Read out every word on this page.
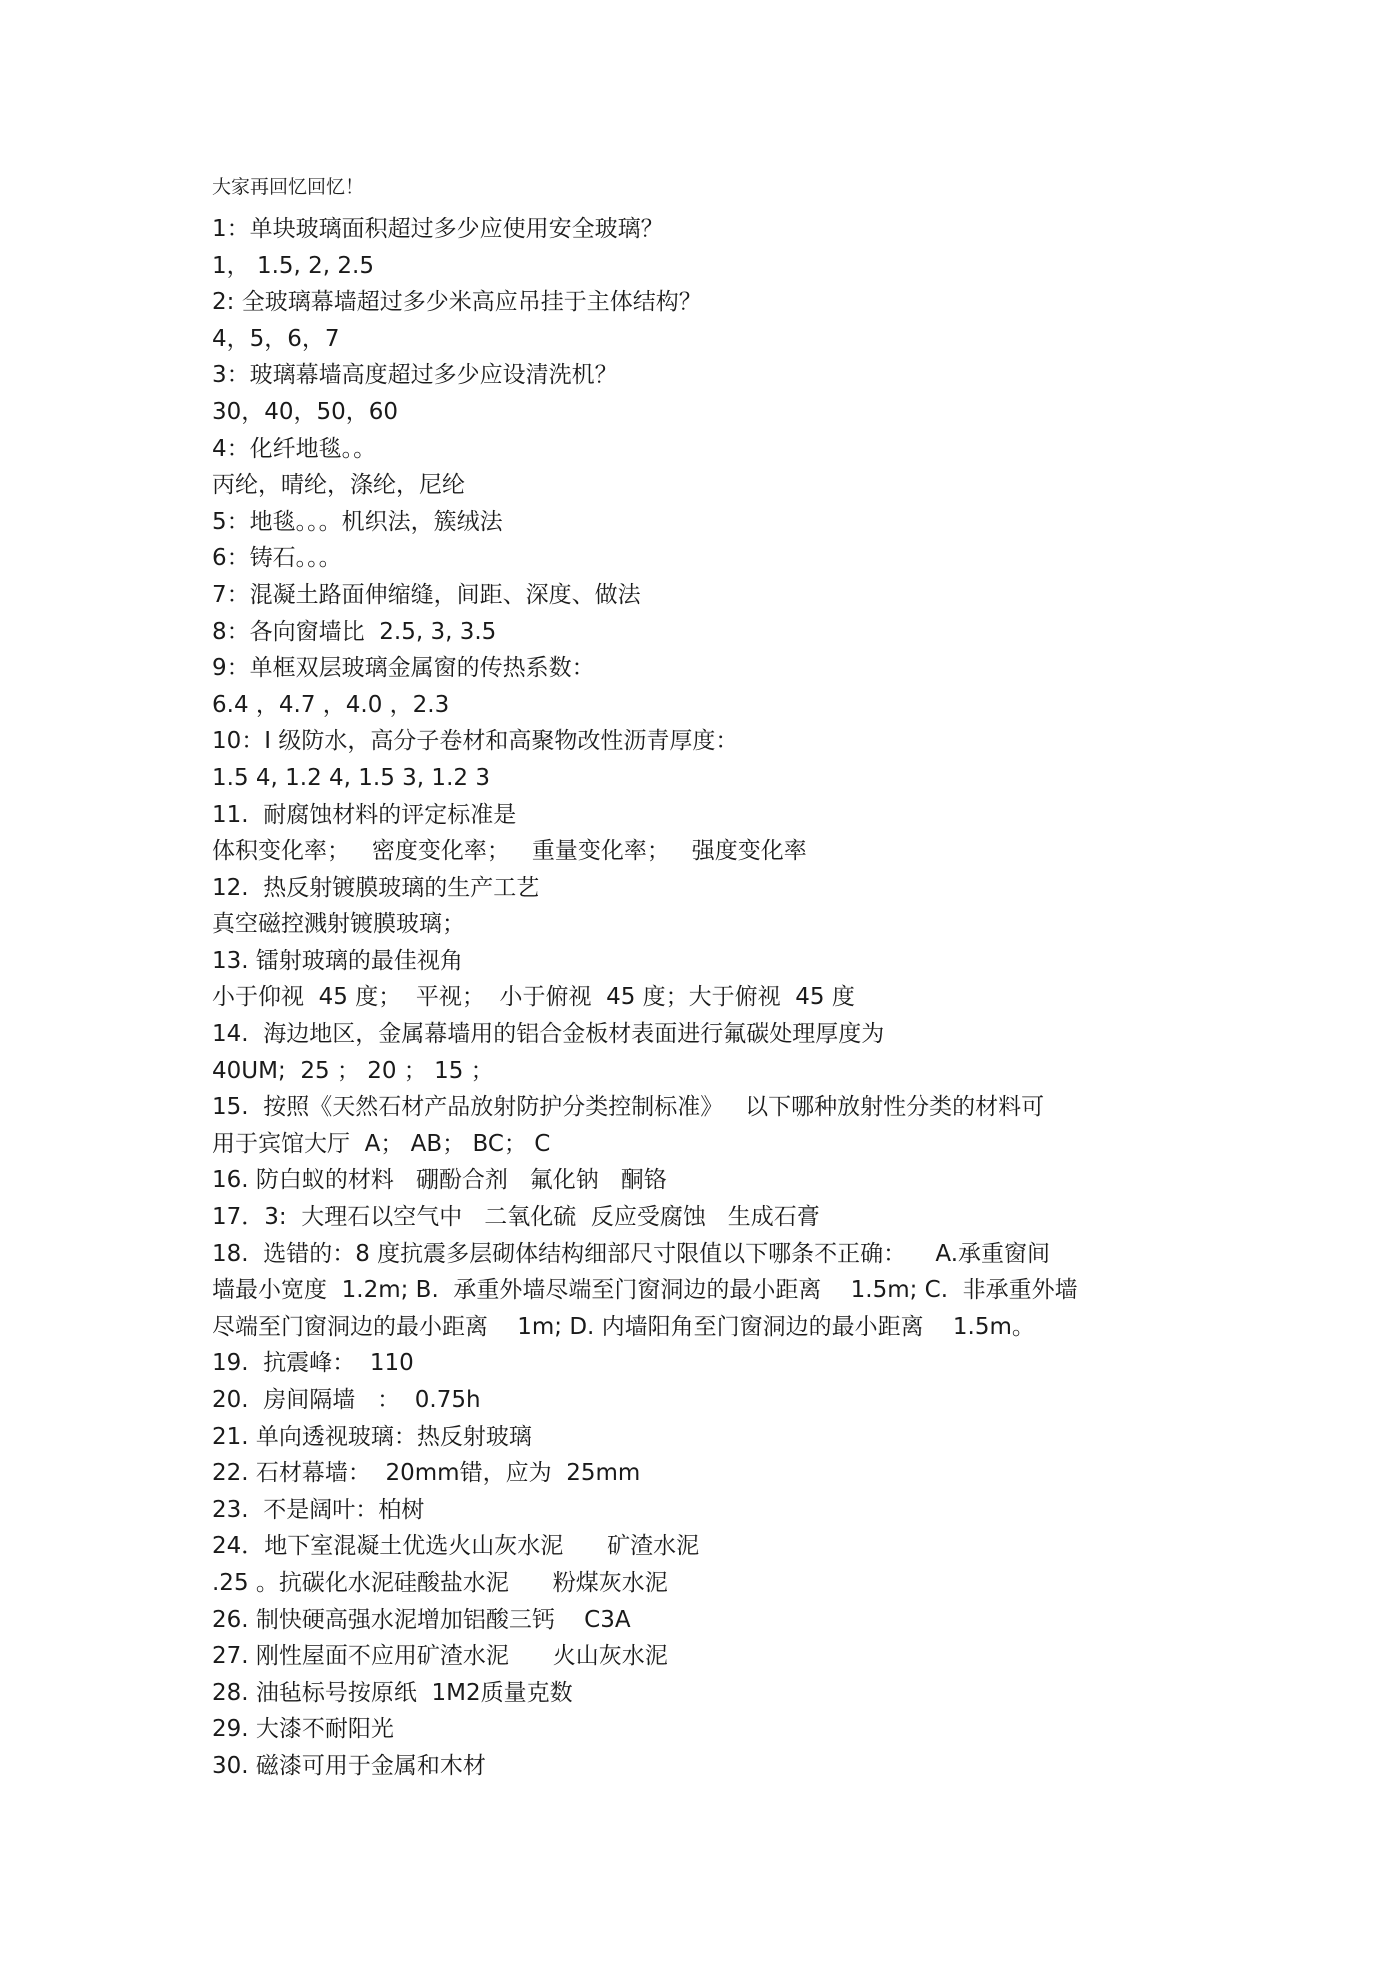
大家再回忆回忆！
1：单块玻璃面积超过多少应使用安全玻璃？
1， 1.5, 2, 2.5
2: 全玻璃幕墙超过多少米高应吊挂于主体结构？
4，5，6，7
3：玻璃幕墙高度超过多少应设清洗机？
30，40，50，60
4：化纤地毯。。
丙纶，晴纶，涤纶，尼纶
5：地毯。。。机织法，簇绒法
6：铸石。。。
7：混凝土路面伸缩缝，间距、深度、做法
8：各向窗墙比  2.5, 3, 3.5
9：单框双层玻璃金属窗的传热系数：
6.4 ，4.7 ，4.0 ，2.3
10：I 级防水，高分子卷材和高聚物改性沥青厚度：
1.5 4, 1.2 4, 1.5 3, 1.2 3
11.  耐腐蚀材料的评定标准是
体积变化率；   密度变化率；   重量变化率；   强度变化率
12.  热反射镀膜玻璃的生产工艺
真空磁控溅射镀膜玻璃；
13. 镭射玻璃的最佳视角
小于仰视  45 度；  平视；  小于俯视  45 度；大于俯视  45 度
14.  海边地区，金属幕墙用的铝合金板材表面进行氟碳处理厚度为
40UM;  25 ； 20 ； 15 ；
15.  按照《天然石材产品放射防护分类控制标准》   以下哪种放射性分类的材料可
用于宾馆大厅  A； AB； BC； C
16. 防白蚁的材料   硼酚合剂   氟化钠   酮铬
17．3:  大理石以空气中   二氧化硫  反应受腐蚀   生成石膏
18.  选错的：8 度抗震多层砌体结构细部尺寸限值以下哪条不正确：    A.承重窗间
墙最小宽度  1.2m; B.  承重外墙尽端至门窗洞边的最小距离    1.5m; C.  非承重外墙
尽端至门窗洞边的最小距离    1m; D. 内墙阳角至门窗洞边的最小距离    1.5m。
19.  抗震峰：  110
20.  房间隔墙   ：  0.75h
21. 单向透视玻璃：热反射玻璃
22. 石材幕墙：  20mm错，应为  25mm
23.  不是阔叶：柏树
24．地下室混凝土优选火山灰水泥      矿渣水泥
.25 。抗碳化水泥硅酸盐水泥      粉煤灰水泥
26. 制快硬高强水泥增加铝酸三钙    C3A
27. 刚性屋面不应用矿渣水泥      火山灰水泥
28. 油毡标号按原纸  1M2质量克数
29. 大漆不耐阳光
30. 磁漆可用于金属和木材
